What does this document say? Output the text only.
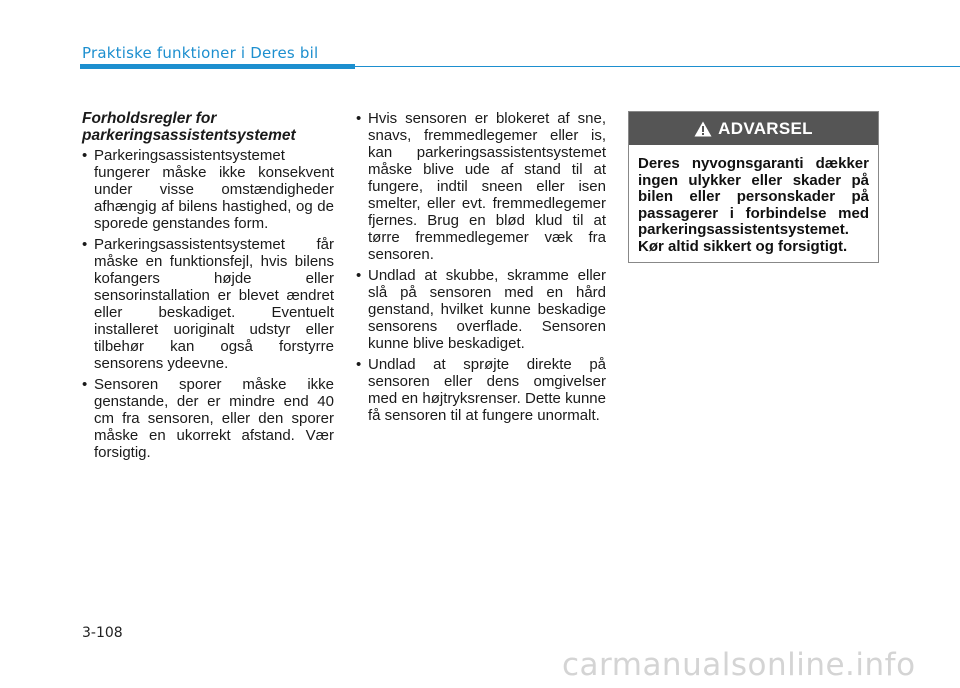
Praktiske funktioner i Deres bil
Forholdsregler for parkeringsassistentsystemet
• Parkeringsassistentsystemet fungerer måske ikke konsekvent under visse omstændigheder afhængig af bilens hastighed, og de sporede genstandes form.
• Parkeringsassistentsystemet får måske en funktionsfejl, hvis bilens kofangers højde eller sensorinstallation er blevet ændret eller beskadiget. Eventuelt installeret uoriginalt udstyr eller tilbehør kan også forstyrre sensorens ydeevne.
• Sensoren sporer måske ikke genstande, der er mindre end 40 cm fra sensoren, eller den sporer måske en ukorrekt afstand. Vær forsigtig.
• Hvis sensoren er blokeret af sne, snavs, fremmedlegemer eller is, kan parkeringsassistentsystemet måske blive ude af stand til at fungere, indtil sneen eller isen smelter, eller evt. fremmedlegemer fjernes. Brug en blød klud til at tørre fremmedlegemer væk fra sensoren.
• Undlad at skubbe, skramme eller slå på sensoren med en hård genstand, hvilket kunne beskadige sensorens overflade. Sensoren kunne blive beskadiget.
• Undlad at sprøjte direkte på sensoren eller dens omgivelser med en højtryksrenser. Dette kunne få sensoren til at fungere unormalt.
ADVARSEL
Deres nyvognsgaranti dækker ingen ulykker eller skader på bilen eller personskader på passagerer i forbindelse med parkeringsassistentsystemet. Kør altid sikkert og forsigtigt.
3-108
carmanualsonline.info
